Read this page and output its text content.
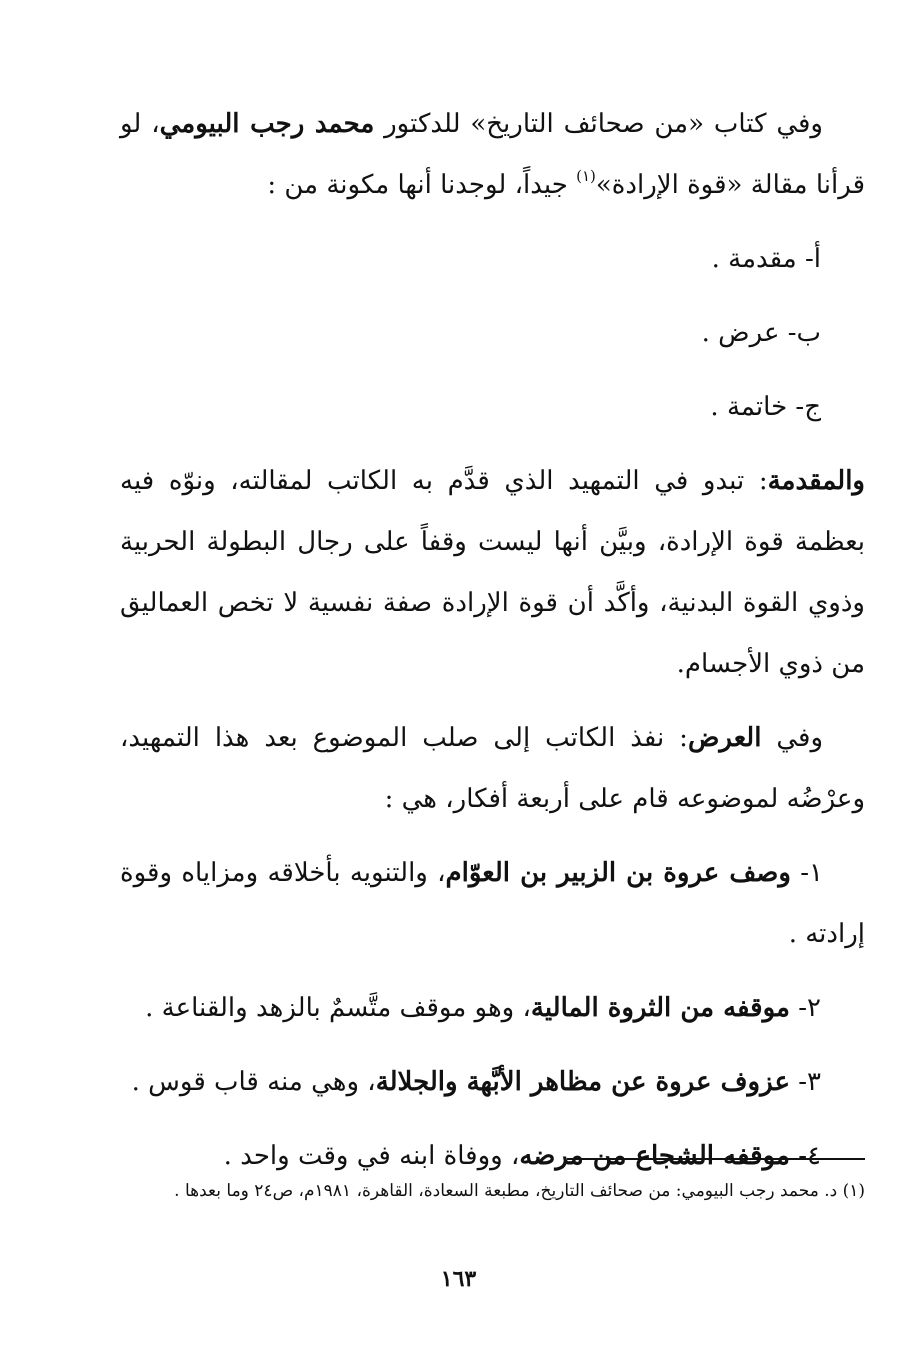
وفي كتاب «من صحائف التاريخ» للدكتور محمد رجب البيومي، لو قرأنا مقالة «قوة الإرادة»$^{(١)}$ جيداً، لوجدنا أنها مكونة من :

أ- مقدمة .
ب- عرض .
ج- خاتمة .

والمقدمة: تبدو في التمهيد الذي قدَّم به الكاتب لمقالته، ونوّه فيه بعظمة قوة الإرادة، وبيَّن أنها ليست وقفاً على رجال البطولة الحربية وذوي القوة البدنية، وأكَّد أن قوة الإرادة صفة نفسية لا تخص العماليق من ذوي الأجسام.

وفي العرض: نفذ الكاتب إلى صلب الموضوع بعد هذا التمهيد، وعرْضُه لموضوعه قام على أربعة أفكار، هي :

١- وصف عروة بن الزبير بن العوّام، والتنويه بأخلاقه ومزاياه وقوة إرادته .
٢- موقفه من الثروة المالية، وهو موقف متَّسمٌ بالزهد والقناعة .
٣- عزوف عروة عن مظاهر الأبَّهة والجلالة، وهي منه قاب قوس .
٤- موقفه الشجاع من مرضه، ووفاة ابنه في وقت واحد .
(١) د. محمد رجب البيومي: من صحائف التاريخ، مطبعة السعادة، القاهرة، ١٩٨١م، ص٢٤ وما بعدها .
١٦٣
